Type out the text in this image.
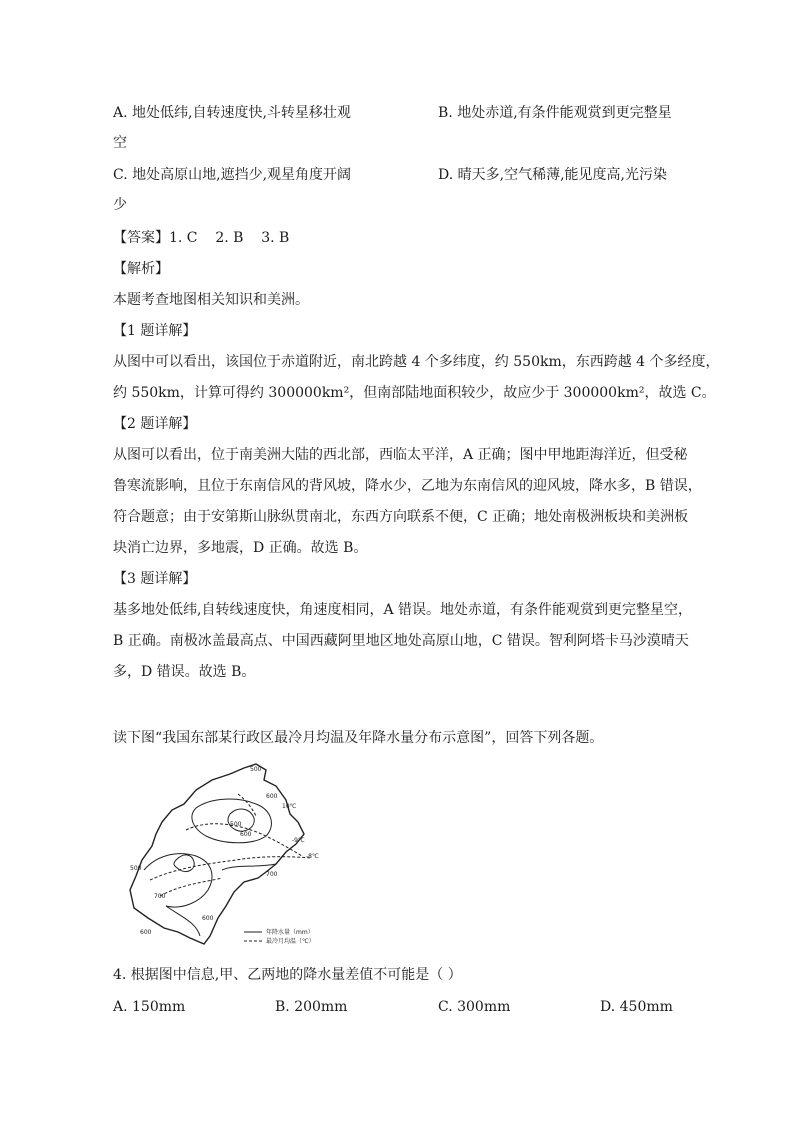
A. 地处低纬,自转速度快,斗转星移壮观	B. 地处赤道,有条件能观赏到更完整星
空
C. 地处高原山地,遮挡少,观星角度开阔	D. 晴天多,空气稀薄,能见度高,光污染
少
【答案】1. C    2. B    3. B
【解析】
本题考查地图相关知识和美洲。
【1 题详解】
从图中可以看出，该国位于赤道附近，南北跨越 4 个多纬度，约 550km，东西跨越 4 个多经度，
约 550km，计算可得约 300000km²，但南部陆地面积较少，故应少于 300000km²，故选 C。
【2 题详解】
从图可以看出，位于南美洲大陆的西北部，西临太平洋，A 正确；图中甲地距海洋近，但受秘
鲁寒流影响，且位于东南信风的背风坡，降水少，乙地为东南信风的迎风坡，降水多，B 错误，
符合题意；由于安第斯山脉纵贯南北，东西方向联系不便，C 正确；地处南极洲板块和美洲板
块消亡边界，多地震，D 正确。故选 B。
【3 题详解】
基多地处低纬,自转线速度快，角速度相同，A 错误。地处赤道，有条件能观赏到更完整星空，
B 正确。南极冰盖最高点、中国西藏阿里地区地处高原山地，C 错误。智利阿塔卡马沙漠晴天
多，D 错误。故选 B。
读下图“我国东部某行政区最冷月均温及年降水量分布示意图”，回答下列各题。
500
600
10℃
-9℃
-8℃
700
500
600
600
500
600
700
年降水量（mm）
最冷月均温（℃）
4. 根据图中信息,甲、乙两地的降水量差值不可能是（ ）
A. 150mm	B. 200mm	C. 300mm	D. 450mm
